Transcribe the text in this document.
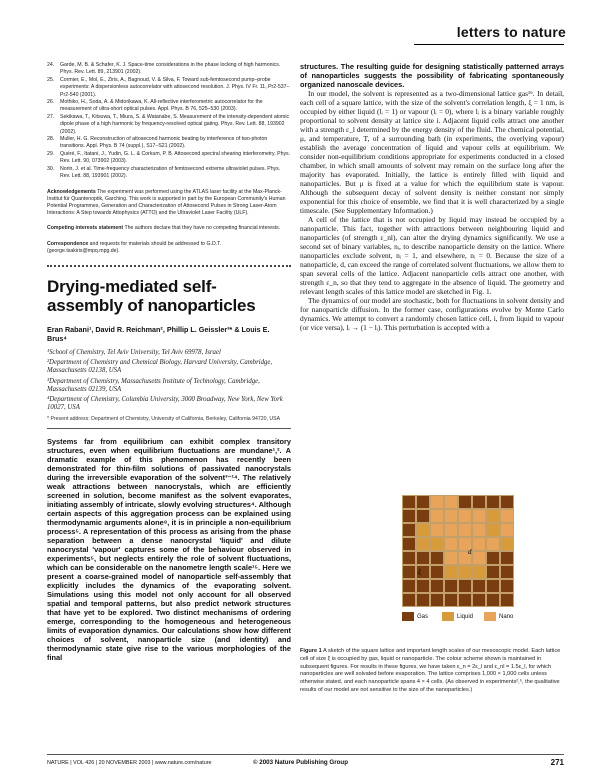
letters to nature
24.	Garde, M. B. & Schafer, K. J. Space-time considerations in the phase locking of high harmonics. Phys. Rev. Lett. 89, 213901 (2002).
25.	Cormier, E., Mol, E., Ziris, A., Bagnoud, V. & Silva, F. Toward sub-femtosecond pump–probe experiments: A dispersionless autocorrelator with attosecond resolution. J. Phys. IV Fr. 11, Pr2-537–Pr2-540 (2001).
26.	Mothiko, H., Soda, A. & Midorikawa, K. All-reflective interferometric autocorrelator for the measurement of ultra-short optical pulses. Appl. Phys. B 76, 525–530 (2003).
27.	Sekikawa, T., Kitsuwa, T., Miura, S. & Watanabe, S. Measurement of the intensity-dependent atomic dipole phase of a high harmonic by frequency-resolved optical gating. Phys. Rev. Lett. 88, 193902 (2002).
28.	Muller, H. G. Reconstruction of attosecond harmonic beating by interference of two-photon transitions. Appl. Phys. B 74 (suppl.), S17–S21 (2002).
29.	Quéré, F., Itatani, J., Yudin, G. L. & Corkum, P. B. Attosecond spectral shearing interferometry. Phys. Rev. Lett. 90, 073902 (2003).
30.	Norin, J. et al. Time-frequency characterization of femtosecond extreme ultraviolet pulses. Phys. Rev. Lett. 88, 193901 (2002).
Acknowledgements The experiment was performed using the ATLAS laser facility at the Max-Planck-Institut für Quantenoptik, Garching. This work is supported in part by the European Community's Human Potential Programmes, Generation and Characterization of Attosecond Pulses in Strong Laser-Atom Interactions: A Step towards Attophysics (ATTO) and the Ultraviolet Laser Facility (ULF).
Competing interests statement The authors declare that they have no competing financial interests.
Correspondence and requests for materials should be addressed to G.D.T. (george.tsakiris@mpq.mpg.de).
Drying-mediated self-assembly of nanoparticles
Eran Rabani¹, David R. Reichman², Phillip L. Geissler³* & Louis E. Brus⁴

¹School of Chemistry, Tel Aviv University, Tel Aviv 69978, Israel

²Department of Chemistry and Chemical Biology, Harvard University, Cambridge, Massachusetts 02138, USA

³Department of Chemistry, Massachusetts Institute of Technology, Cambridge, Massachusetts 02139, USA

⁴Department of Chemistry, Columbia University, 3000 Broadway, New York, New York 10027, USA

* Present address: Department of Chemistry, University of California, Berkeley, California 94720, USA
Systems far from equilibrium can exhibit complex transitory structures, even when equilibrium fluctuations are mundane¹,². A dramatic example of this phenomenon has recently been demonstrated for thin-film solutions of passivated nanocrystals during the irreversible evaporation of the solvent³⁻¹⁴. The relatively weak attractions between nanocrystals, which are efficiently screened in solution, become manifest as the solvent evaporates, initiating assembly of intricate, slowly evolving structures⁴. Although certain aspects of this aggregation process can be explained using thermodynamic arguments alone⁸, it is in principle a non-equilibrium process⁵. A representation of this process as arising from the phase separation between a dense nanocrystal 'liquid' and dilute nanocrystal 'vapour' captures some of the behaviour observed in experiments⁵, but neglects entirely the role of solvent fluctuations, which can be considerable on the nanometre length scale¹⁵. Here we present a coarse-grained model of nanoparticle self-assembly that explicitly includes the dynamics of the evaporating solvent. Simulations using this model not only account for all observed spatial and temporal patterns, but also predict network structures that have yet to be explored. Two distinct mechanisms of ordering emerge, corresponding to the homogeneous and heterogeneous limits of evaporation dynamics. Our calculations show how different choices of solvent, nanoparticle size (and identity) and thermodynamic state give rise to the various morphologies of the final

structures. The resulting guide for designing statistically patterned arrays of nanoparticles suggests the possibility of fabricating spontaneously organized nanoscale devices.

In our model, the solvent is represented as a two-dimensional lattice gas¹⁶. In detail, each cell of a square lattice, with the size of the solvent's correlation length, ξ = 1 nm, is occupied by either liquid (lᵢ = 1) or vapour (lᵢ = 0), where lᵢ is a binary variable roughly proportional to solvent density at lattice site i. Adjacent liquid cells attract one another with a strength ε_l determined by the energy density of the fluid. The chemical potential, μ, and temperature, T, of a surrounding bath (in experiments, the overlying vapour) establish the average concentration of liquid and vapour cells at equilibrium. We consider non-equilibrium conditions appropriate for experiments conducted in a closed chamber, in which small amounts of solvent may remain on the surface long after the majority has evaporated. Initially, the lattice is entirely filled with liquid and nanoparticles. But μ is fixed at a value for which the equilibrium state is vapour. Although the subsequent decay of solvent density is neither constant nor simply exponential for this choice of ensemble, we find that it is well characterized by a single timescale. (See Supplementary Information.)

A cell of the lattice that is not occupied by liquid may instead be occupied by a nanoparticle. This fact, together with attractions between neighbouring liquid and nanoparticles (of strength ε_nl), can alter the drying dynamics significantly. We use a second set of binary variables, nᵢ, to describe nanoparticle density on the lattice. Where nanoparticles exclude solvent, nᵢ = 1, and elsewhere, nᵢ = 0. Because the size of a nanoparticle, d, can exceed the range of correlated solvent fluctuations, we allow them to span several cells of the lattice. Adjacent nanoparticle cells attract one another, with strength ε_n, so that they tend to aggregate in the absence of liquid. The geometry and relevant length scales of this lattice model are sketched in Fig. 1.

The dynamics of our model are stochastic, both for fluctuations in solvent density and for nanoparticle diffusion. In the former case, configurations evolve by Monte Carlo dynamics. We attempt to convert a randomly chosen lattice cell, i, from liquid to vapour (or vice versa), lᵢ → (1 − lᵢ). This perturbation is accepted with a

d
ξ
Gas	Liquid	Nano
Figure 1 A sketch of the square lattice and important length scales of our mesoscopic model. Each lattice cell of size ξ is occupied by gas, liquid or nanoparticle. The colour scheme shown is maintained in subsequent figures. For results in these figures, we have taken ε_n = 2ε_l and ε_nl = 1.5ε_l, for which nanoparticles are well solvated before evaporation. The lattice comprises 1,000 × 1,000 cells unless otherwise stated, and each nanoparticle spans 4 × 4 cells. (As observed in experiments²,⁵, the qualitative results of our model are not sensitive to the size of the nanoparticles.)
NATURE | VOL 426 | 20 NOVEMBER 2003 | www.nature.com/nature	© 2003 Nature Publishing Group	271
